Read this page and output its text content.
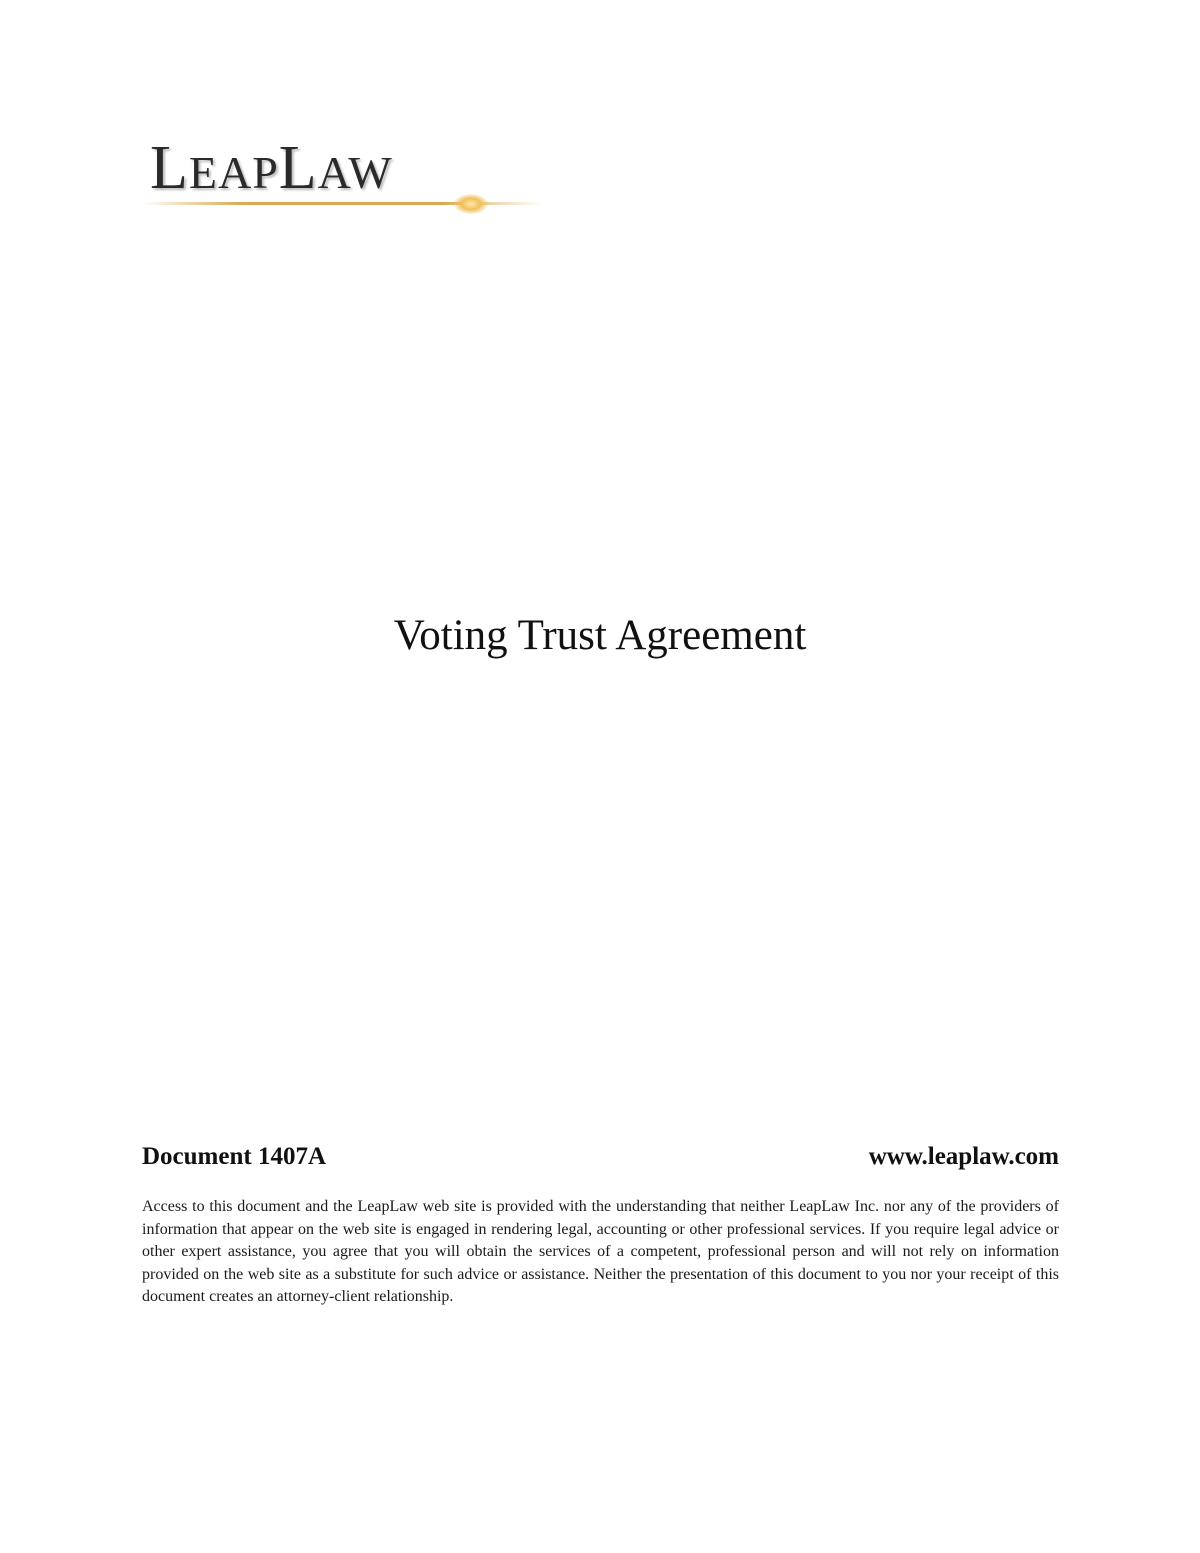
LEAPLAW
Voting Trust Agreement
Document 1407A	www.leaplaw.com

Access to this document and the LeapLaw web site is provided with the understanding that neither LeapLaw Inc. nor any of the providers of information that appear on the web site is engaged in rendering legal, accounting or other professional services. If you require legal advice or other expert assistance, you agree that you will obtain the services of a competent, professional person and will not rely on information provided on the web site as a substitute for such advice or assistance. Neither the presentation of this document to you nor your receipt of this document creates an attorney-client relationship.
